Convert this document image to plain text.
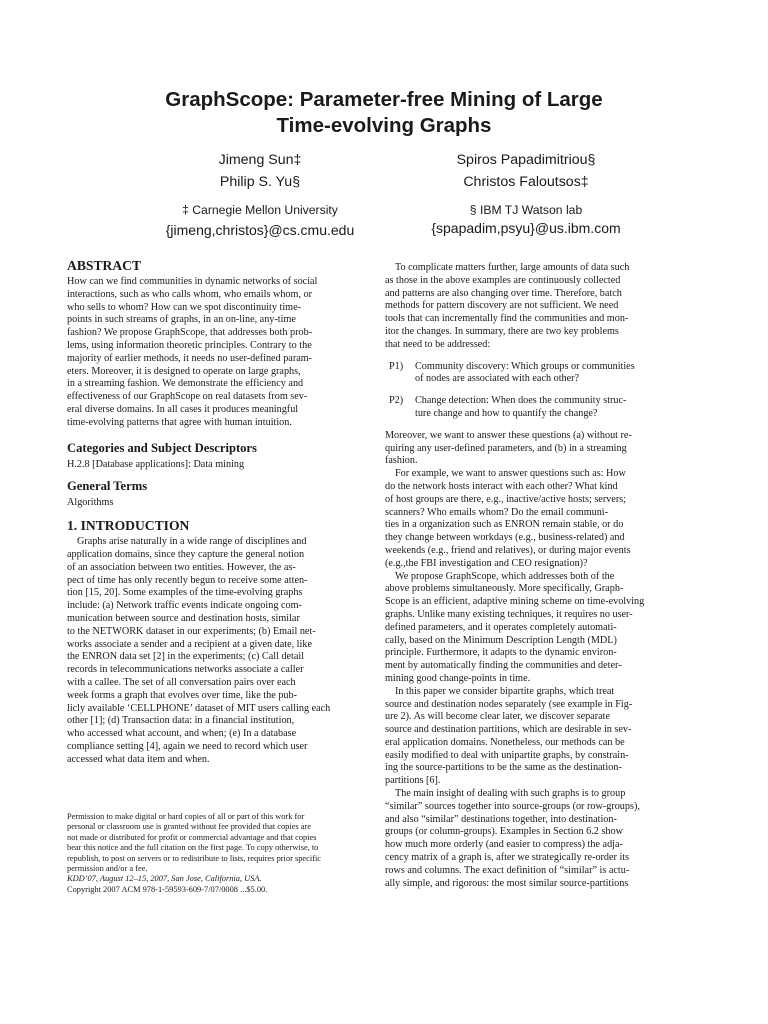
GraphScope: Parameter-free Mining of Large
Time-evolving Graphs
Jimeng Sun‡
Philip S. Yu§
Spiros Papadimitriou§
Christos Faloutsos‡
‡ Carnegie Mellon University	§ IBM TJ Watson lab
{jimeng,christos}@cs.cmu.edu	{spapadim,psyu}@us.ibm.com
ABSTRACT
How can we find communities in dynamic networks of social
interactions, such as who calls whom, who emails whom, or
who sells to whom? How can we spot discontinuity time-
points in such streams of graphs, in an on-line, any-time
fashion? We propose GraphScope, that addresses both prob-
lems, using information theoretic principles. Contrary to the
majority of earlier methods, it needs no user-defined param-
eters. Moreover, it is designed to operate on large graphs,
in a streaming fashion. We demonstrate the efficiency and
effectiveness of our GraphScope on real datasets from sev-
eral diverse domains. In all cases it produces meaningful
time-evolving patterns that agree with human intuition.
Categories and Subject Descriptors
H.2.8 [Database applications]: Data mining
General Terms
Algorithms
1. INTRODUCTION
Graphs arise naturally in a wide range of disciplines and
application domains, since they capture the general notion
of an association between two entities. However, the as-
pect of time has only recently begun to receive some atten-
tion [15, 20]. Some examples of the time-evolving graphs
include: (a) Network traffic events indicate ongoing com-
munication between source and destination hosts, similar
to the NETWORK dataset in our experiments; (b) Email net-
works associate a sender and a recipient at a given date, like
the ENRON data set [2] in the experiments; (c) Call detail
records in telecommunications networks associate a caller
with a callee. The set of all conversation pairs over each
week forms a graph that evolves over time, like the pub-
licly available ‘CELLPHONE’ dataset of MIT users calling each
other [1]; (d) Transaction data: in a financial institution,
who accessed what account, and when; (e) In a database
compliance setting [4], again we need to record which user
accessed what data item and when.
Permission to make digital or hard copies of all or part of this work for
personal or classroom use is granted without fee provided that copies are
not made or distributed for profit or commercial advantage and that copies
bear this notice and the full citation on the first page. To copy otherwise, to
republish, to post on servers or to redistribute to lists, requires prior specific
permission and/or a fee.
KDD’07, August 12–15, 2007, San Jose, California, USA.
Copyright 2007 ACM 978-1-59593-609-7/07/0008 ...$5.00.
To complicate matters further, large amounts of data such
as those in the above examples are continuously collected
and patterns are also changing over time. Therefore, batch
methods for pattern discovery are not sufficient. We need
tools that can incrementally find the communities and mon-
itor the changes. In summary, there are two key problems
that need to be addressed:
P1) Community discovery: Which groups or communities
of nodes are associated with each other?
P2) Change detection: When does the community struc-
ture change and how to quantify the change?
Moreover, we want to answer these questions (a) without re-
quiring any user-defined parameters, and (b) in a streaming
fashion.
For example, we want to answer questions such as: How
do the network hosts interact with each other? What kind
of host groups are there, e.g., inactive/active hosts; servers;
scanners? Who emails whom? Do the email communi-
ties in a organization such as ENRON remain stable, or do
they change between workdays (e.g., business-related) and
weekends (e.g., friend and relatives), or during major events
(e.g.,the FBI investigation and CEO resignation)?
We propose GraphScope, which addresses both of the
above problems simultaneously. More specifically, Graph-
Scope is an efficient, adaptive mining scheme on time-evolving
graphs. Unlike many existing techniques, it requires no user-
defined parameters, and it operates completely automati-
cally, based on the Minimum Description Length (MDL)
principle. Furthermore, it adapts to the dynamic environ-
ment by automatically finding the communities and deter-
mining good change-points in time.
In this paper we consider bipartite graphs, which treat
source and destination nodes separately (see example in Fig-
ure 2). As will become clear later, we discover separate
source and destination partitions, which are desirable in sev-
eral application domains. Nonetheless, our methods can be
easily modified to deal with unipartite graphs, by constrain-
ing the source-partitions to be the same as the destination-
partitions [6].
The main insight of dealing with such graphs is to group
“similar” sources together into source-groups (or row-groups),
and also “similar” destinations together, into destination-
groups (or column-groups). Examples in Section 6.2 show
how much more orderly (and easier to compress) the adja-
cency matrix of a graph is, after we strategically re-order its
rows and columns. The exact definition of “similar” is actu-
ally simple, and rigorous: the most similar source-partitions
